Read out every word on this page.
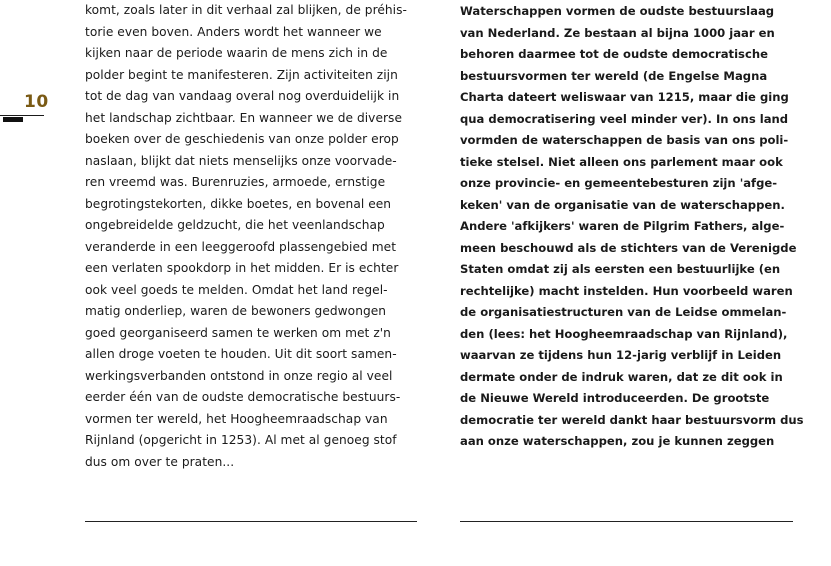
10
komt, zoals later in dit verhaal zal blijken, de préhis-
torie even boven. Anders wordt het wanneer we
kijken naar de periode waarin de mens zich in de
polder begint te manifesteren. Zijn activiteiten zijn
tot de dag van vandaag overal nog overduidelijk in
het landschap zichtbaar. En wanneer we de diverse
boeken over de geschiedenis van onze polder erop
naslaan, blijkt dat niets menselijks onze voorvade-
ren vreemd was. Burenruzies, armoede, ernstige
begrotingstekorten, dikke boetes, en bovenal een
ongebreidelde geldzucht, die het veenlandschap
veranderde in een leeggeroofd plassengebied met
een verlaten spookdorp in het midden. Er is echter
ook veel goeds te melden. Omdat het land regel-
matig onderliep, waren de bewoners gedwongen
goed georganiseerd samen te werken om met z'n
allen droge voeten te houden. Uit dit soort samen-
werkingsverbanden ontstond in onze regio al veel
eerder één van de oudste democratische bestuurs-
vormen ter wereld, het Hoogheemraadschap van
Rijnland (opgericht in 1253). Al met al genoeg stof
dus om over te praten...
Waterschappen vormen de oudste bestuurslaag
van Nederland. Ze bestaan al bijna 1000 jaar en
behoren daarmee tot de oudste democratische
bestuursvormen ter wereld (de Engelse Magna
Charta dateert weliswaar van 1215, maar die ging
qua democratisering veel minder ver). In ons land
vormden de waterschappen de basis van ons poli-
tieke stelsel. Niet alleen ons parlement maar ook
onze provincie- en gemeentebesturen zijn 'afge-
keken' van de organisatie van de waterschappen.
Andere 'afkijkers' waren de Pilgrim Fathers, alge-
meen beschouwd als de stichters van de Verenigde
Staten omdat zij als eersten een bestuurlijke (en
rechtelijke) macht instelden. Hun voorbeeld waren
de organisatiestructuren van de Leidse ommelan-
den (lees: het Hoogheemraadschap van Rijnland),
waarvan ze tijdens hun 12-jarig verblijf in Leiden
dermate onder de indruk waren, dat ze dit ook in
de Nieuwe Wereld introduceerden. De grootste
democratie ter wereld dankt haar bestuursvorm dus
aan onze waterschappen, zou je kunnen zeggen
